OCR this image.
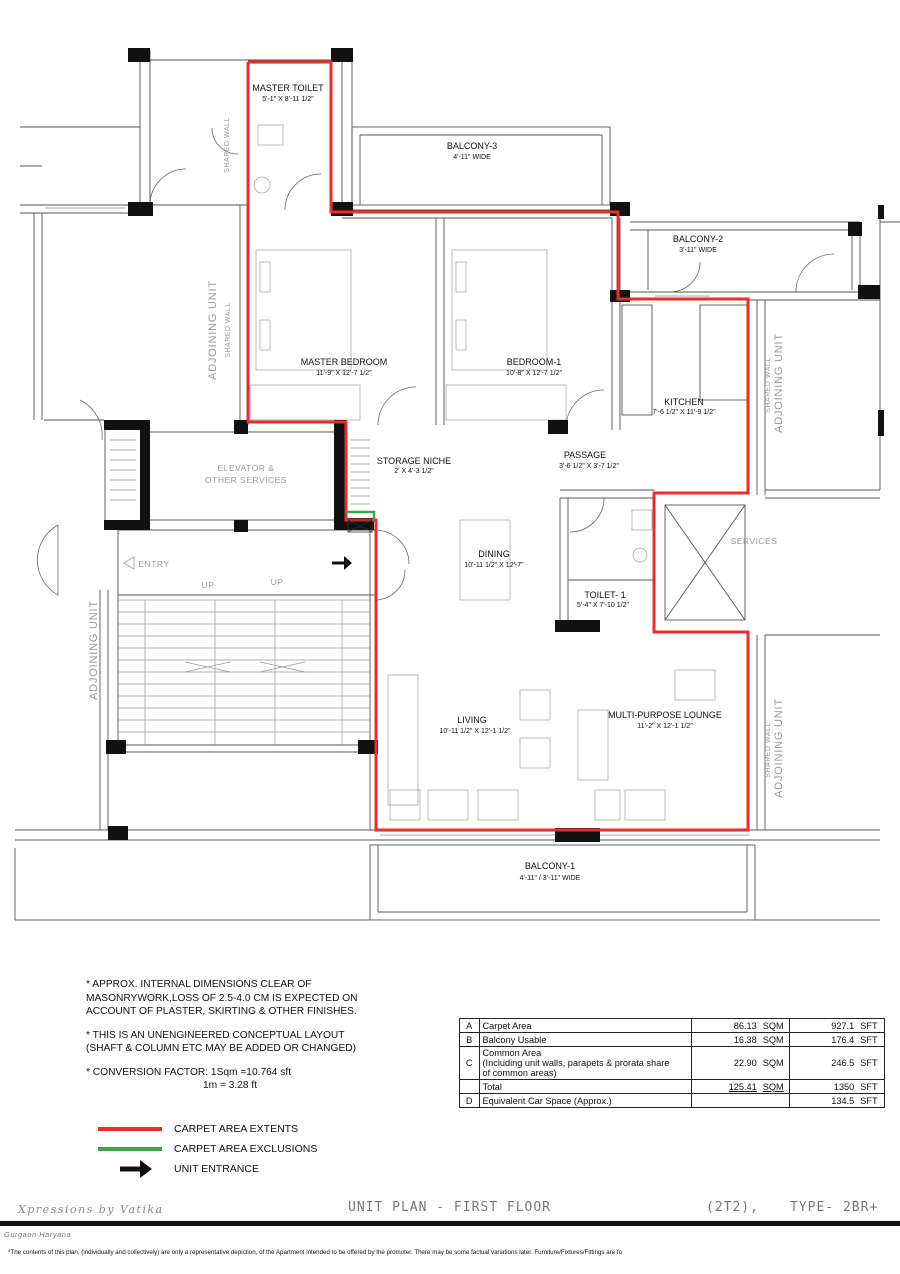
MASTER TOILET
5'-1" X 8'-11 1/2"
BALCONY-3
4'-11" WIDE
BALCONY-2
3'-11" WIDE
MASTER BEDROOM
11'-9" X 12'-7 1/2"
BEDROOM-1
10'-8" X 12'-7 1/2"
KITCHEN
7'-6 1/2" X 11'-9 1/2"
STORAGE NICHE
2' X 4'-3 1/2"
PASSAGE
3'-6 1/2" X 3'-7 1/2"
DINING
10'-11 1/2" X 12'-7"
TOILET- 1
5'-4" X 7'-10 1/2"
MULTI-PURPOSE LOUNGE
11'-2" X 12'-1 1/2"
LIVING
10'-11 1/2" X 12'-1 1/2"
BALCONY-1
4'-11" / 3'-11" WIDE
ELEVATOR &
OTHER SERVICES
SERVICES
ENTRY
UP	UP
SHARED WALL
ADJOINING UNIT SHARED WALL
ADJOINING UNIT
SHARED WALL ADJOINING UNIT
SHARED WALL ADJOINING UNIT

* APPROX. INTERNAL DIMENSIONS CLEAR OF MASONRYWORK,LOSS OF 2.5-4.0 CM IS EXPECTED ON ACCOUNT OF PLASTER, SKIRTING & OTHER FINISHES.

* THIS IS AN UNENGINEERED CONCEPTUAL LAYOUT (SHAFT & COLUMN ETC MAY BE ADDED OR CHANGED)

* CONVERSION FACTOR: 1Sqm =10.764 sft

1m = 3.28 ft

CARPET AREA EXTENTS
CARPET AREA EXCLUSIONS
UNIT ENTRANCE
A	Carpet Area	86.13	SQM	927.1	SFT
B	Balcony Usable	16.38	SQM	176.4	SFT
C	Common Area
(Including unit walls, parapets & prorata share
of common areas)	22.90	SQM	246.5	SFT
	Total	125.41	SQM	1350	SFT
D	Equivalent Car Space (Approx.)			134.5	SFT
Xpressions by Vatika	UNIT PLAN - FIRST FLOOR	(2T2), TYPE- 2BR+
Gurgaon Haryana
*The contents of this plan, (individually and collectively) are only a representative depiction, of the Apartment intended to be offered by the promoter. There may be some factual variations later. Furniture/Fixtures/Fittings are fo
